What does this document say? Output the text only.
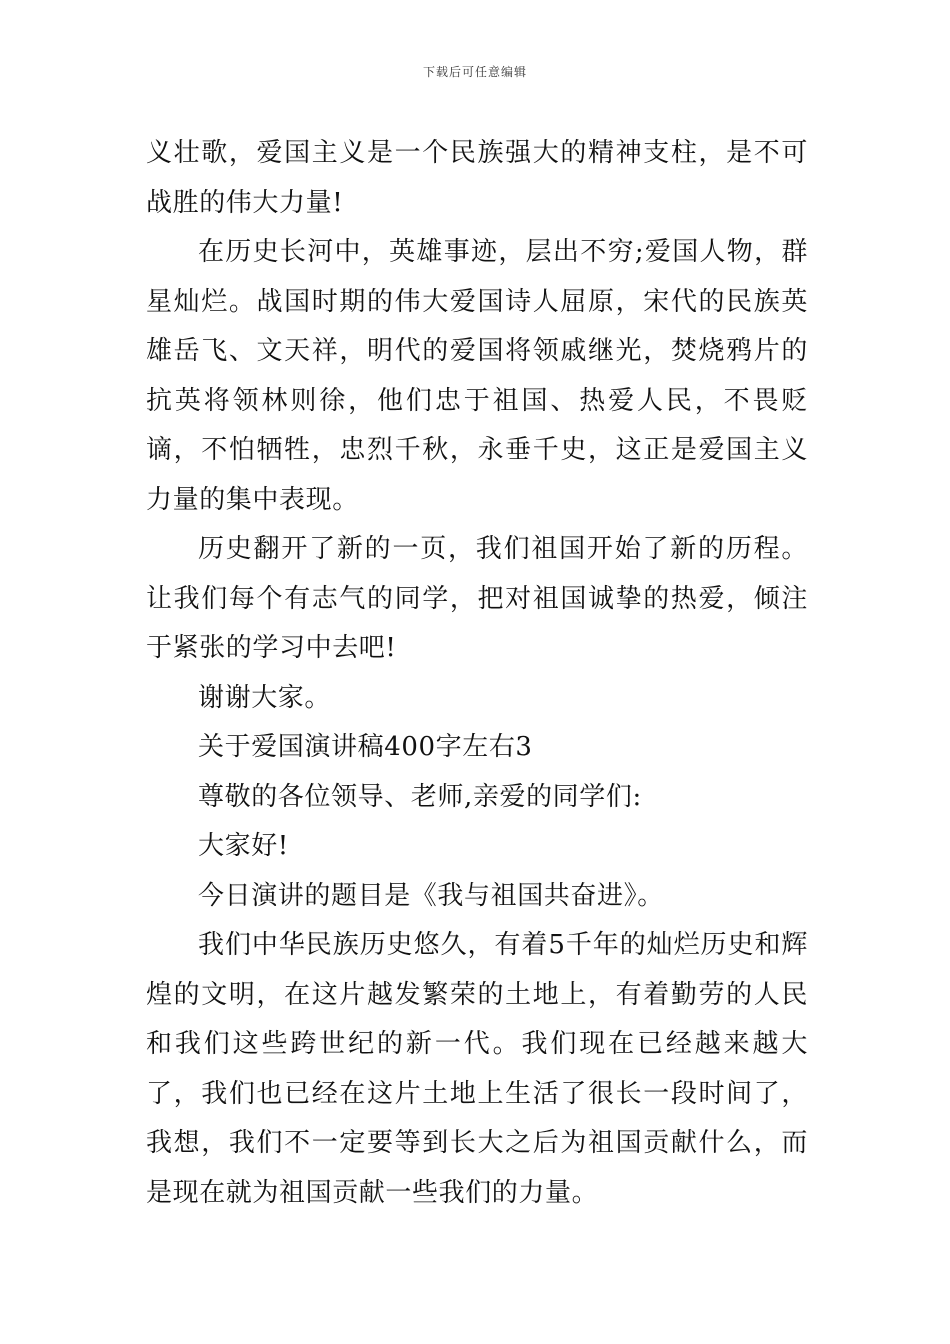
下载后可任意编辑

义壮歌，爱国主义是一个民族强大的精神支柱，是不可战胜的伟大力量!

在历史长河中，英雄事迹，层出不穷;爱国人物，群星灿烂。战国时期的伟大爱国诗人屈原，宋代的民族英雄岳飞、文天祥，明代的爱国将领戚继光，焚烧鸦片的抗英将领林则徐，他们忠于祖国、热爱人民，不畏贬谪，不怕牺牲，忠烈千秋，永垂千史，这正是爱国主义力量的集中表现。

历史翻开了新的一页，我们祖国开始了新的历程。让我们每个有志气的同学，把对祖国诚挚的热爱，倾注于紧张的学习中去吧!

谢谢大家。

关于爱国演讲稿400字左右3

尊敬的各位领导、老师,亲爱的同学们:

大家好!

今日演讲的题目是《我与祖国共奋进》。

我们中华民族历史悠久，有着5千年的灿烂历史和辉煌的文明，在这片越发繁荣的土地上，有着勤劳的人民和我们这些跨世纪的新一代。我们现在已经越来越大了，我们也已经在这片土地上生活了很长一段时间了，我想，我们不一定要等到长大之后为祖国贡献什么，而是现在就为祖国贡献一些我们的力量。
